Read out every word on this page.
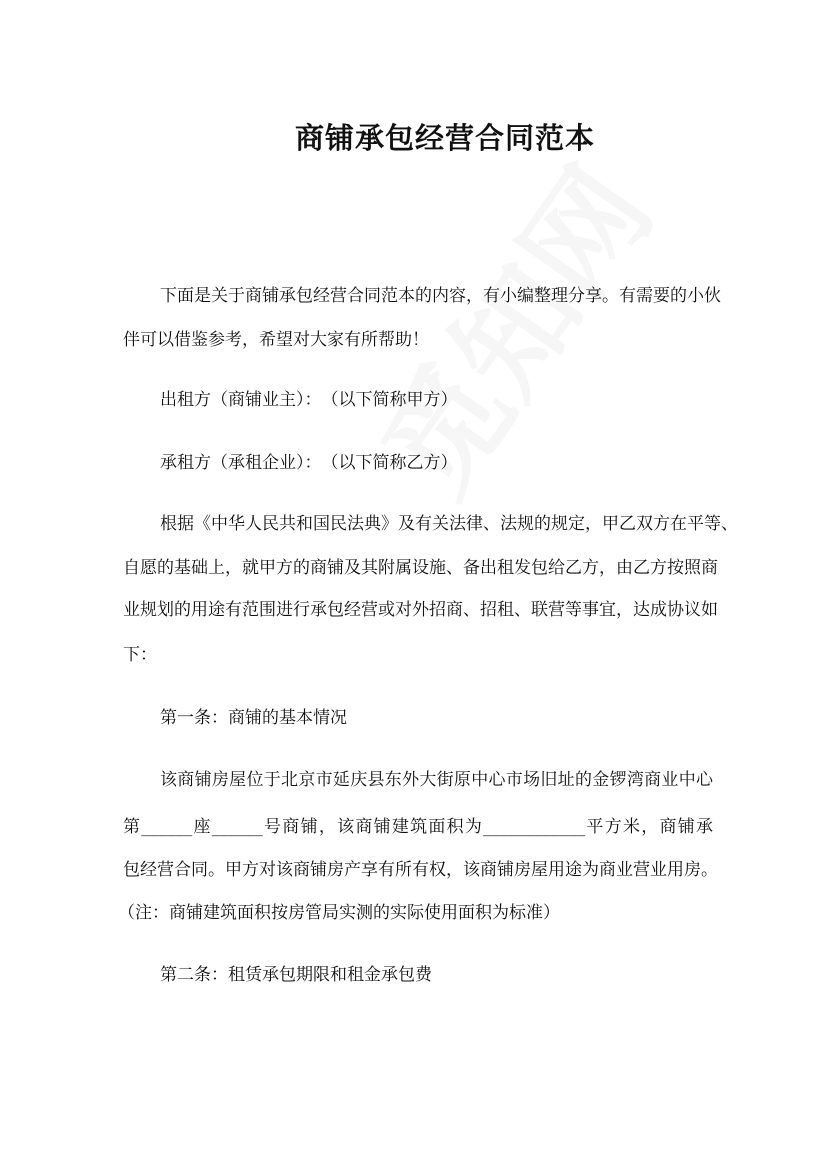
商铺承包经营合同范本
下面是关于商铺承包经营合同范本的内容，有小编整理分享。有需要的小伙
伴可以借鉴参考，希望对大家有所帮助！
出租方（商铺业主）：　（以下简称甲方）
承租方（承租企业）：　（以下简称乙方）
根据《中华人民共和国民法典》及有关法律、法规的规定，甲乙双方在平等、
自愿的基础上，就甲方的商铺及其附属设施、备出租发包给乙方，由乙方按照商
业规划的用途有范围进行承包经营或对外招商、招租、联营等事宜，达成协议如
下：
第一条：商铺的基本情况
该商铺房屋位于北京市延庆县东外大街原中心市场旧址的金锣湾商业中心
第______座______号商铺，该商铺建筑面积为____________平方米，商铺承
包经营合同。甲方对该商铺房产享有所有权，该商铺房屋用途为商业营业用房。
（注：商铺建筑面积按房管局实测的实际使用面积为标准）
第二条：租赁承包期限和租金承包费
